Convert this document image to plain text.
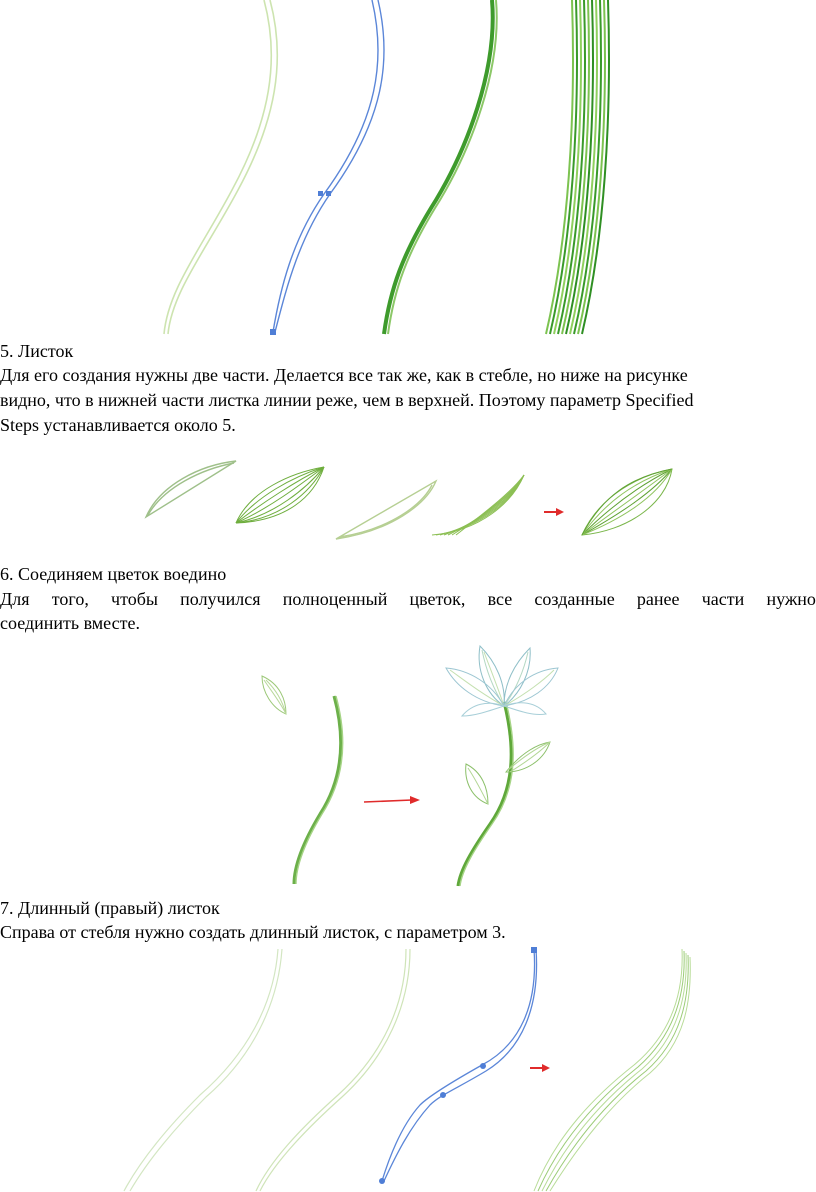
5. Листок
Для его создания нужны две части. Делается все так же, как в стебле, но ниже на рисунке
видно, что в нижней части листка линии реже, чем в верхней. Поэтому параметр Specified
Steps устанавливается около 5.
6. Соединяем цветок воедино
Для того, чтобы получился полноценный цветок, все созданные ранее части нужно
соединить вместе.
7. Длинный (правый) листок
Справа от стебля нужно создать длинный листок, с параметром 3.
